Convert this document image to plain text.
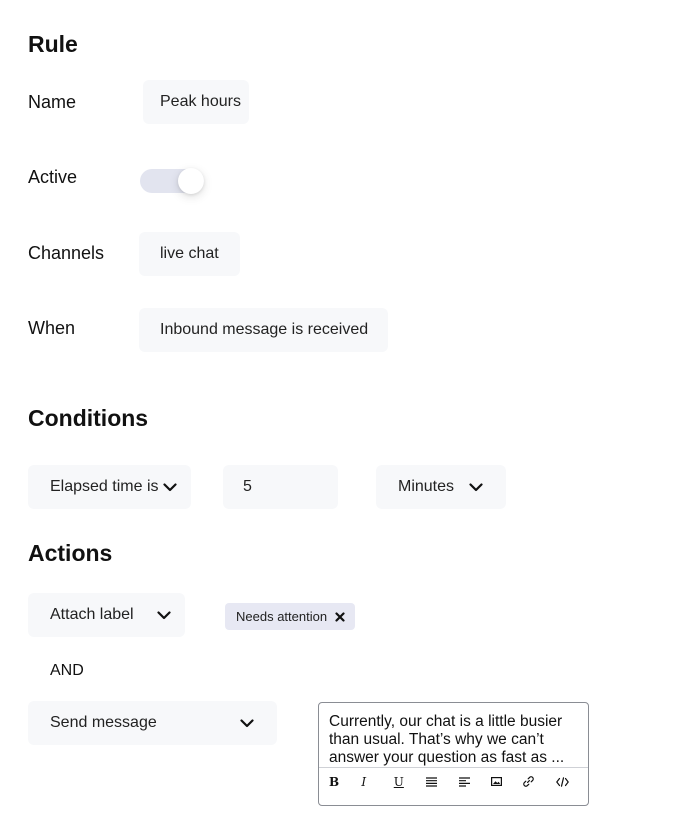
Rule
Name	Peak hours
Active
Channels	live chat
When	Inbound message is received
Conditions
Elapsed time is	5	Minutes
Actions
Attach label	Needs attention
AND
Send message	Currently, our chat is a little busier than usual. That’s why we can’t answer your question as fast as ...
B	I	U
